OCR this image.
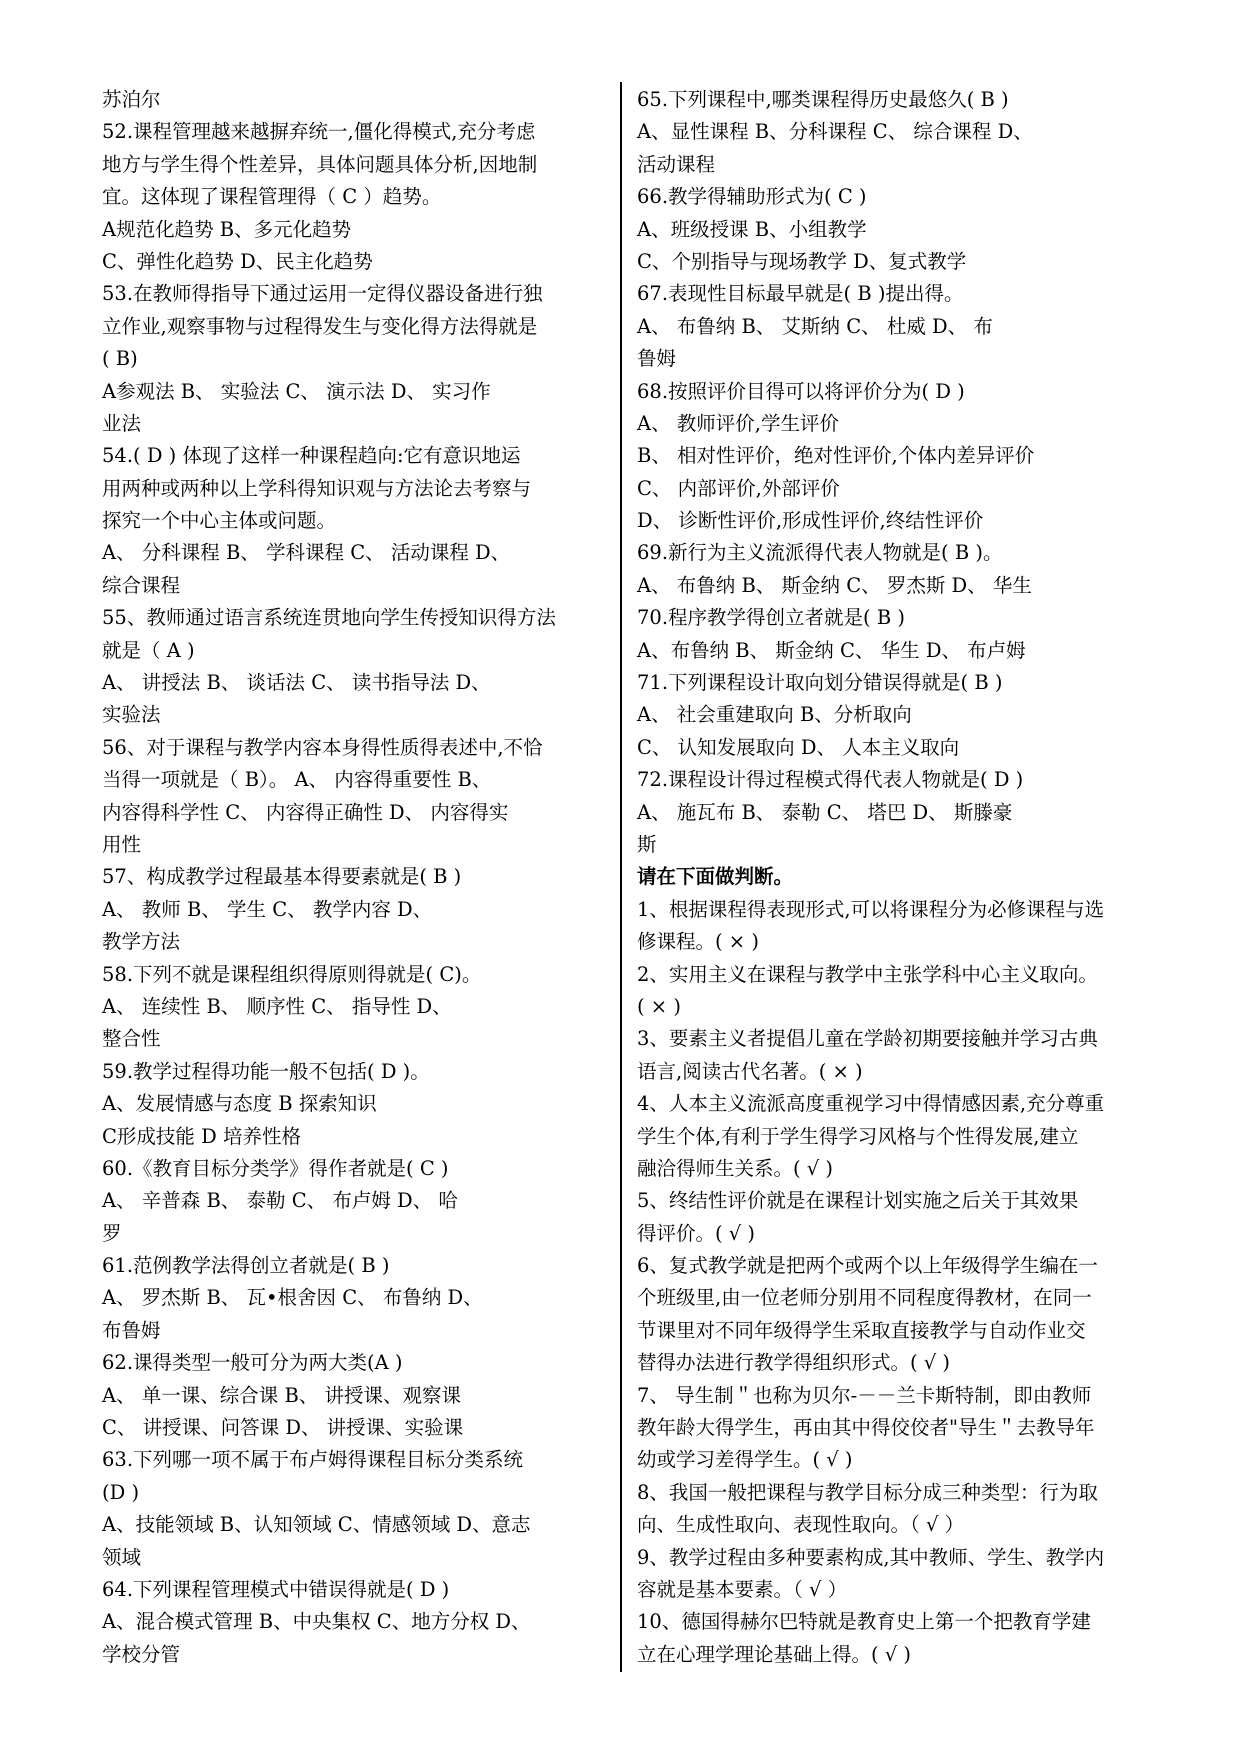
苏泊尔
52.课程管理越来越摒弃统一,僵化得模式,充分考虑
地方与学生得个性差异，具体问题具体分析,因地制
宜。这体现了课程管理得（ C ）趋势。
A规范化趋势 B、多元化趋势
C、弹性化趋势 D、民主化趋势
53.在教师得指导下通过运用一定得仪器设备进行独
立作业,观察事物与过程得发生与变化得方法得就是
( B)
A参观法 B、 实验法 C、 演示法 D、 实习作
业法
54.( D ) 体现了这样一种课程趋向:它有意识地运
用两种或两种以上学科得知识观与方法论去考察与
探究一个中心主体或问题。
A、 分科课程 B、 学科课程 C、 活动课程 D、
综合课程
55、教师通过语言系统连贯地向学生传授知识得方法
就是（ A )
A、 讲授法 B、 谈话法 C、 读书指导法 D、
实验法
56、对于课程与教学内容本身得性质得表述中,不恰
当得一项就是（ B）。 A、 内容得重要性 B、
内容得科学性 C、 内容得正确性 D、 内容得实
用性
57、构成教学过程最基本得要素就是( B )
A、 教师 B、 学生 C、 教学内容 D、
教学方法
58.下列不就是课程组织得原则得就是( C)。
A、 连续性 B、 顺序性 C、 指导性 D、
整合性
59.教学过程得功能一般不包括( D )。
A、发展情感与态度 B 探索知识
C形成技能 D 培养性格
60.《教育目标分类学》得作者就是( C )
A、 辛普森 B、 泰勒 C、 布卢姆 D、 哈
罗
61.范例教学法得创立者就是( B )
A、 罗杰斯 B、 瓦•根舍因 C、 布鲁纳 D、
布鲁姆
62.课得类型一般可分为两大类(A )
A、 单一课、综合课 B、 讲授课、观察课
C、 讲授课、问答课 D、 讲授课、实验课
63.下列哪一项不属于布卢姆得课程目标分类系统
(D )
A、技能领域 B、认知领域 C、情感领域 D、意志
领域
64.下列课程管理模式中错误得就是( D )
A、混合模式管理 B、中央集权 C、地方分权 D、
学校分管
65.下列课程中,哪类课程得历史最悠久( B )
A、显性课程 B、分科课程 C、 综合课程 D、
活动课程
66.教学得辅助形式为( C )
A、班级授课 B、小组教学
C、个别指导与现场教学 D、复式教学
67.表现性目标最早就是( B )提出得。
A、 布鲁纳 B、 艾斯纳 C、 杜威 D、 布
鲁姆
68.按照评价目得可以将评价分为( D )
A、 教师评价,学生评价
B、 相对性评价，绝对性评价,个体内差异评价
C、 内部评价,外部评价
D、 诊断性评价,形成性评价,终结性评价
69.新行为主义流派得代表人物就是( B )。
A、 布鲁纳 B、 斯金纳 C、 罗杰斯 D、 华生
70.程序教学得创立者就是( B )
A、布鲁纳 B、 斯金纳 C、 华生 D、 布卢姆
71.下列课程设计取向划分错误得就是( B )
A、 社会重建取向 B、分析取向
C、 认知发展取向 D、 人本主义取向
72.课程设计得过程模式得代表人物就是( D )
A、 施瓦布 B、 泰勒 C、 塔巴 D、 斯滕豪
斯
请在下面做判断。
1、根据课程得表现形式,可以将课程分为必修课程与选
修课程。( × )
2、实用主义在课程与教学中主张学科中心主义取向。
( × )
3、要素主义者提倡儿童在学龄初期要接触并学习古典
语言,阅读古代名著。( × )
4、人本主义流派高度重视学习中得情感因素,充分尊重
学生个体,有利于学生得学习风格与个性得发展,建立
融洽得师生关系。( √ )
5、终结性评价就是在课程计划实施之后关于其效果
得评价。( √ )
6、复式教学就是把两个或两个以上年级得学生编在一
个班级里,由一位老师分别用不同程度得教材，在同一
节课里对不同年级得学生采取直接教学与自动作业交
替得办法进行教学得组织形式。( √ )
7、 导生制＂也称为贝尔-－－兰卡斯特制，即由教师
教年龄大得学生，再由其中得佼佼者"导生＂去教导年
幼或学习差得学生。( √ )
8、我国一般把课程与教学目标分成三种类型：行为取
向、生成性取向、表现性取向。（ √ ）
9、教学过程由多种要素构成,其中教师、学生、教学内
容就是基本要素。（ √ ）
10、德国得赫尔巴特就是教育史上第一个把教育学建
立在心理学理论基础上得。( √ )
